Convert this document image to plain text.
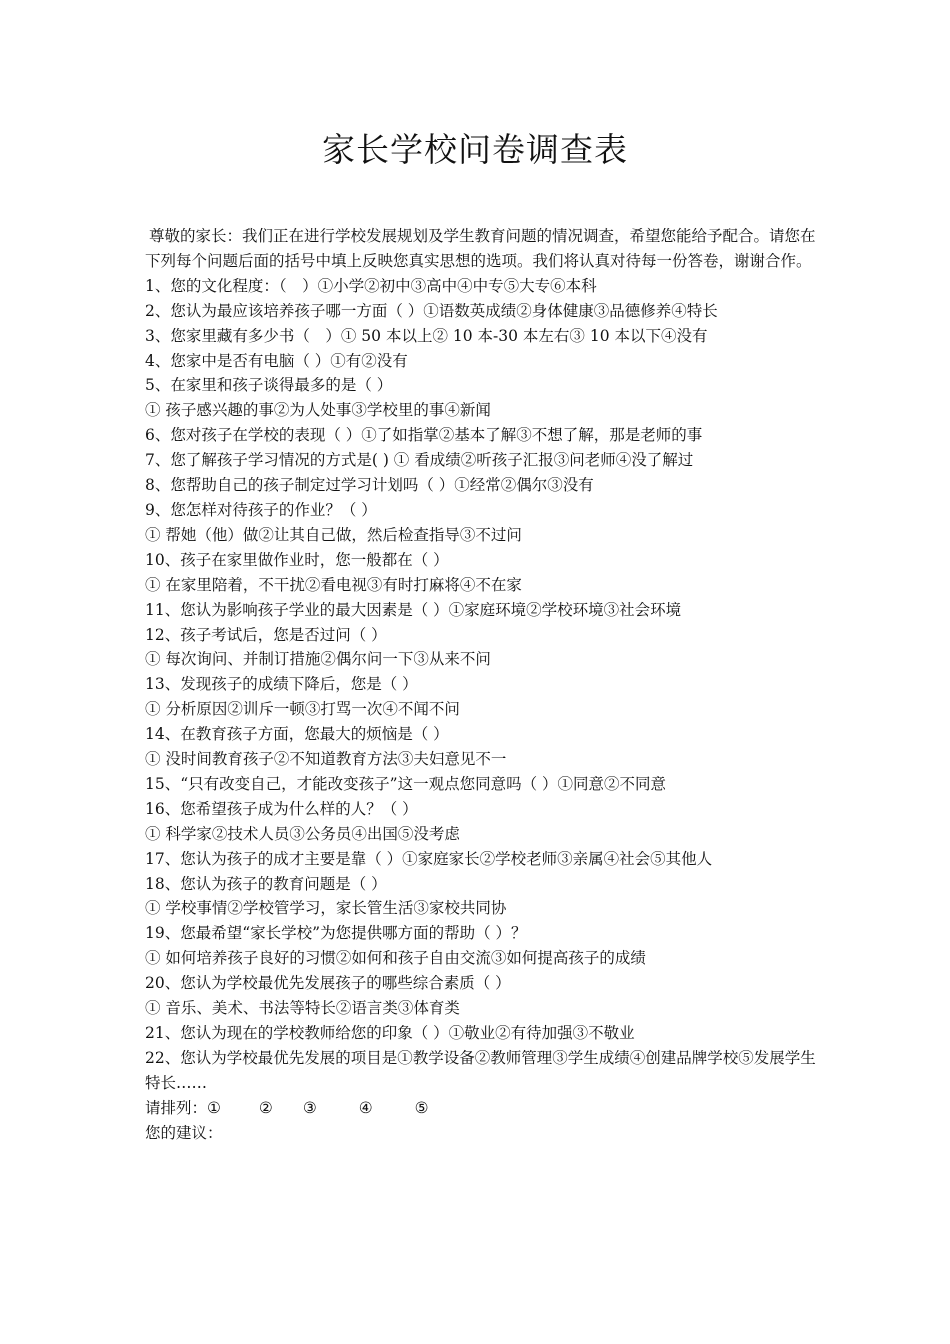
家长学校问卷调查表

尊敬的家长：我们正在进行学校发展规划及学生教育问题的情况调查，希望您能给予配合。请您在下列每个问题后面的括号中填上反映您真实思想的选项。我们将认真对待每一份答卷，谢谢合作。

1、您的文化程度：（　）①小学②初中③高中④中专⑤大专⑥本科
2、您认为最应该培养孩子哪一方面（ ）①语数英成绩②身体健康③品德修养④特长
3、您家里藏有多少书（　）① 50 本以上② 10 本-30 本左右③ 10 本以下④没有
4、您家中是否有电脑（ ）①有②没有
5、在家里和孩子谈得最多的是（ ）
① 孩子感兴趣的事②为人处事③学校里的事④新闻
6、您对孩子在学校的表现（ ）①了如指掌②基本了解③不想了解，那是老师的事
7、您了解孩子学习情况的方式是( ) ① 看成绩②听孩子汇报③问老师④没了解过
8、您帮助自己的孩子制定过学习计划吗（ ）①经常②偶尔③没有
9、您怎样对待孩子的作业？（ ）
① 帮她（他）做②让其自己做，然后检查指导③不过问
10、孩子在家里做作业时，您一般都在（ ）
① 在家里陪着，不干扰②看电视③有时打麻将④不在家
11、您认为影响孩子学业的最大因素是（ ）①家庭环境②学校环境③社会环境
12、孩子考试后，您是否过问（ ）
① 每次询问、并制订措施②偶尔问一下③从来不问
13、发现孩子的成绩下降后，您是（ ）
① 分析原因②训斥一顿③打骂一次④不闻不问
14、在教育孩子方面，您最大的烦恼是（ ）
① 没时间教育孩子②不知道教育方法③夫妇意见不一
15、“只有改变自己，才能改变孩子”这一观点您同意吗（ ）①同意②不同意
16、您希望孩子成为什么样的人？（ ）
① 科学家②技术人员③公务员④出国⑤没考虑
17、您认为孩子的成才主要是靠（ ）①家庭家长②学校老师③亲属④社会⑤其他人
18、您认为孩子的教育问题是（ ）
① 学校事情②学校管学习，家长管生活③家校共同协
19、您最希望“家长学校”为您提供哪方面的帮助（ ）？
① 如何培养孩子良好的习惯②如何和孩子自由交流③如何提高孩子的成绩
20、您认为学校最优先发展孩子的哪些综合素质（ ）
① 音乐、美术、书法等特长②语言类③体育类
21、您认为现在的学校教师给您的印象（ ）①敬业②有待加强③不敬业

22、您认为学校最优先发展的项目是①教学设备②教师管理③学生成绩④创建品牌学校⑤发展学生特长……

请排列：① ② ③	④	⑤
您的建议：
